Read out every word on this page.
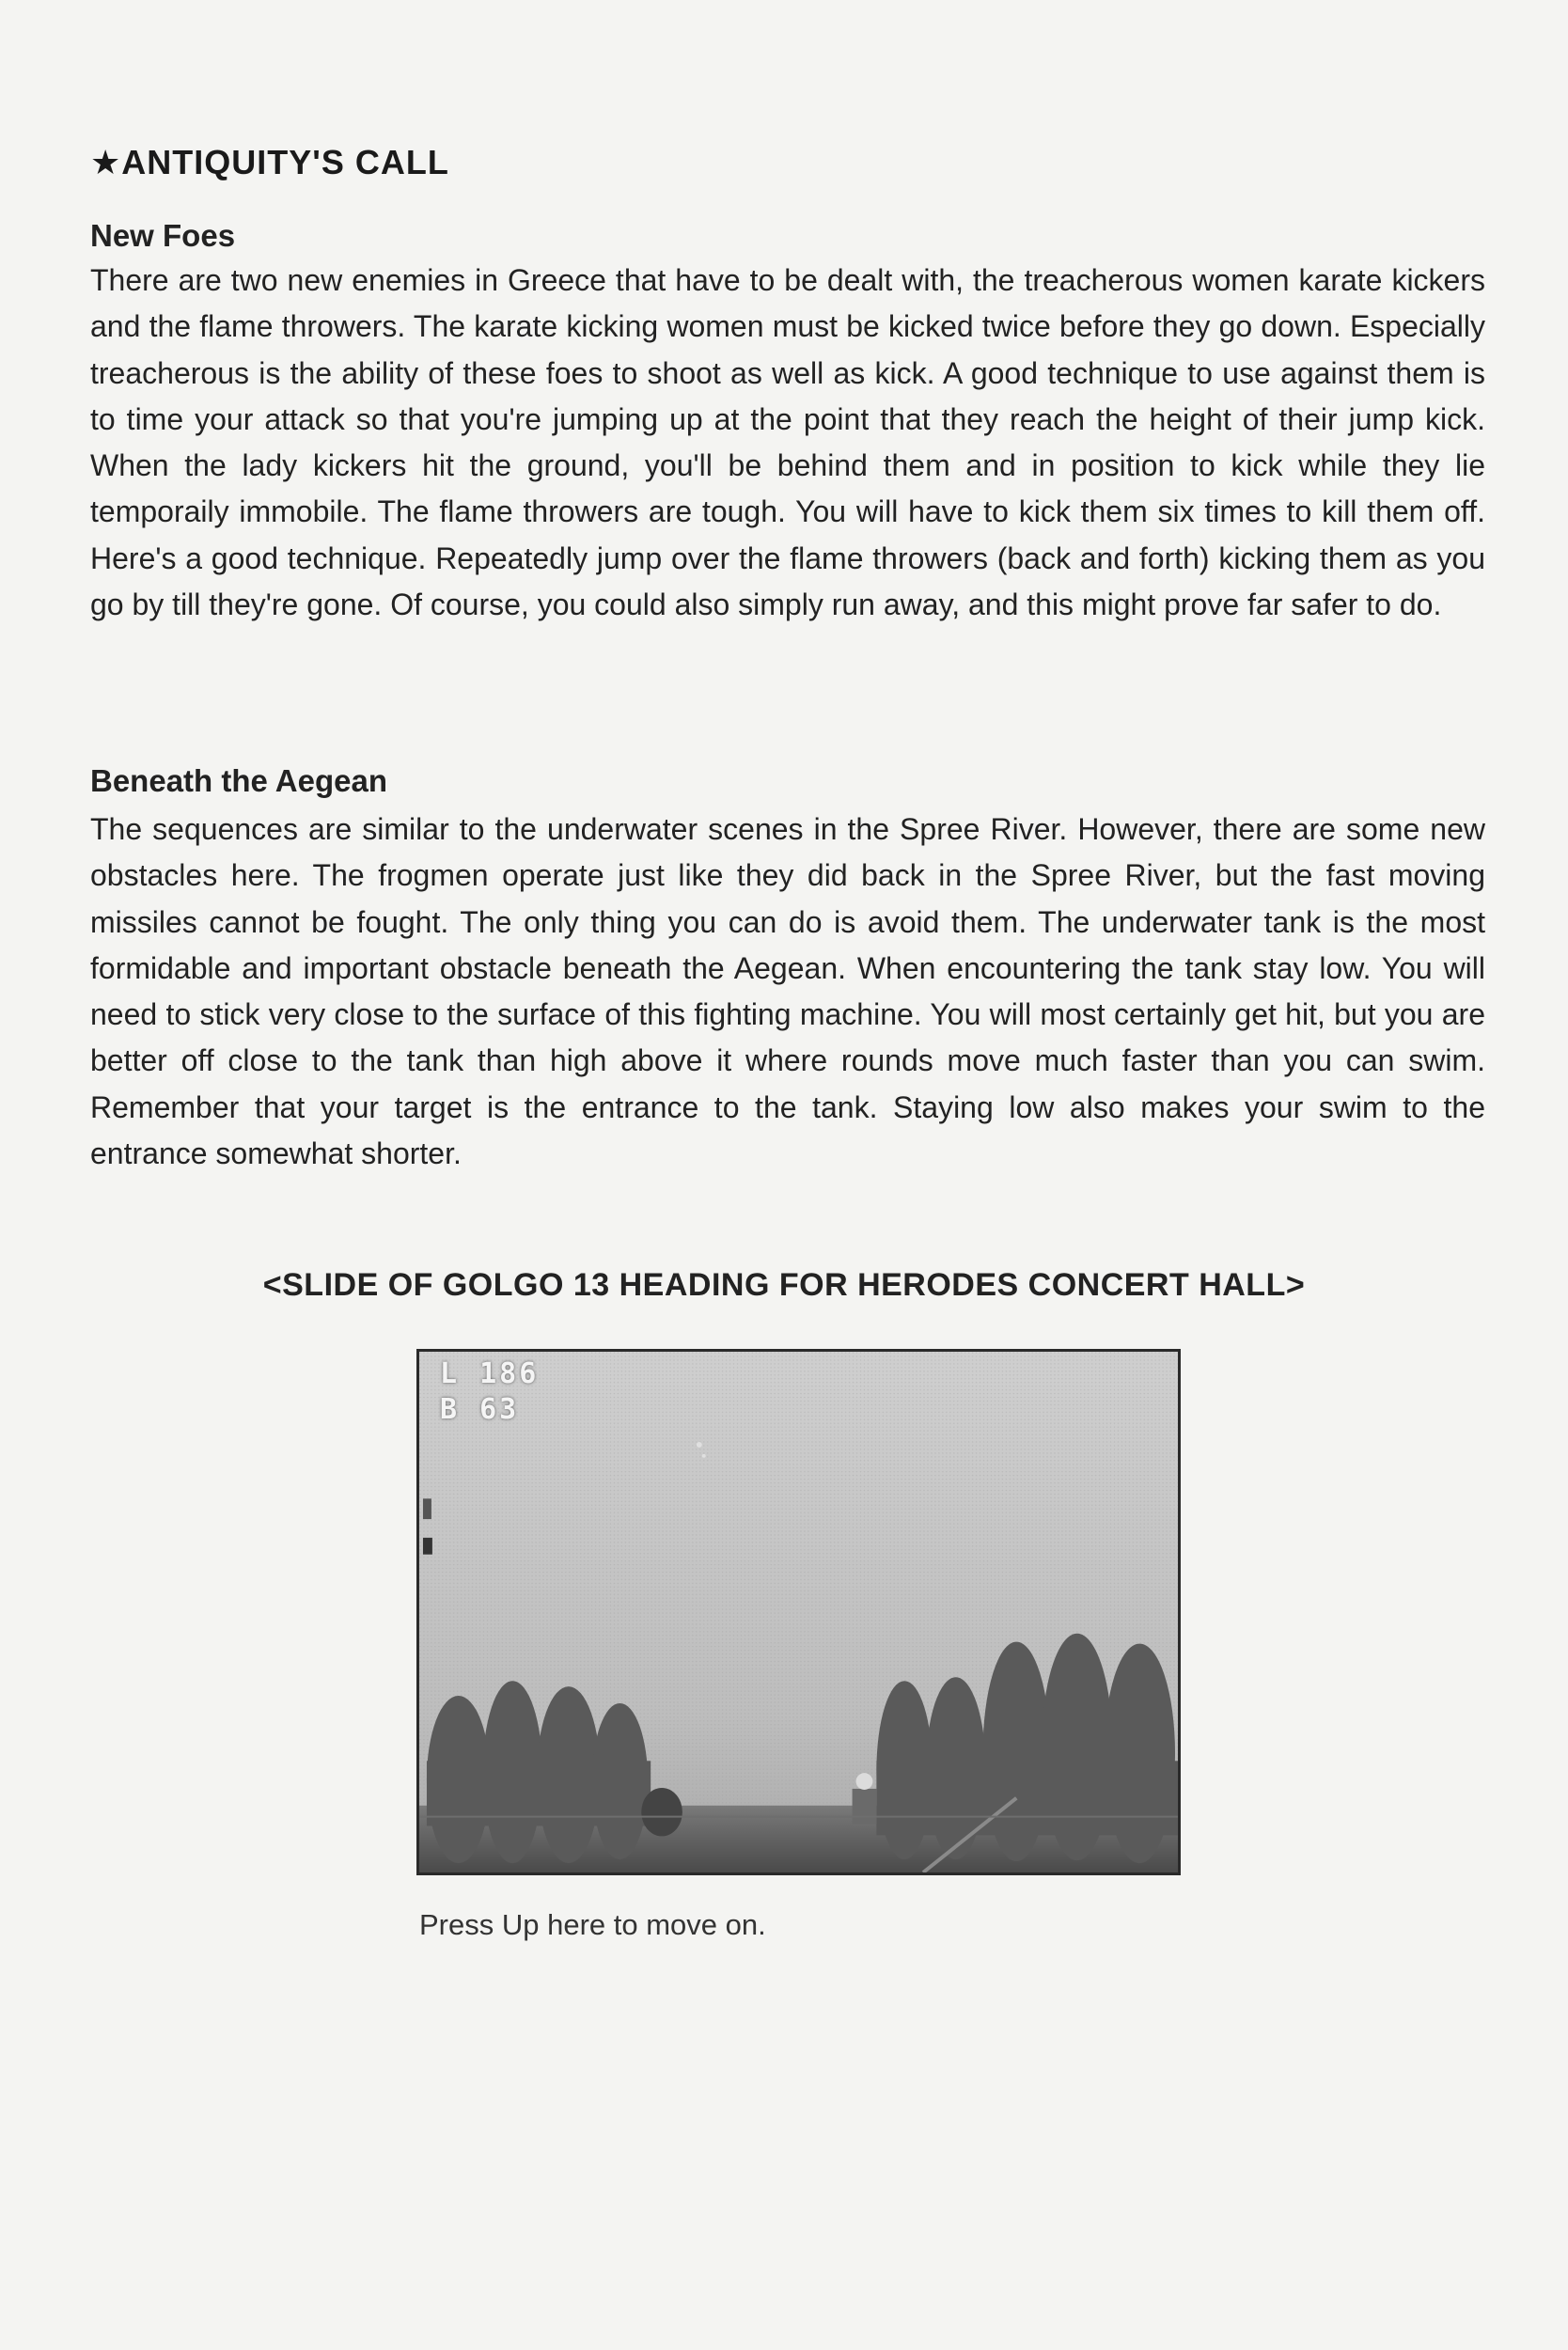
★ANTIQUITY'S CALL
New Foes

There are two new enemies in Greece that have to be dealt with, the treacherous women karate kickers and the flame throwers. The karate kicking women must be kicked twice before they go down. Especially treacherous is the ability of these foes to shoot as well as kick. A good technique to use against them is to time your attack so that you're jumping up at the point that they reach the height of their jump kick. When the lady kickers hit the ground, you'll be behind them and in position to kick while they lie temporaily immobile. The flame throwers are tough. You will have to kick them six times to kill them off. Here's a good technique. Repeatedly jump over the flame throwers (back and forth) kicking them as you go by till they're gone. Of course, you could also simply run away, and this might prove far safer to do.

Beneath the Aegean

The sequences are similar to the underwater scenes in the Spree River. However, there are some new obstacles here. The frogmen operate just like they did back in the Spree River, but the fast moving missiles cannot be fought. The only thing you can do is avoid them. The underwater tank is the most formidable and important obstacle beneath the Aegean. When encountering the tank stay low. You will need to stick very close to the surface of this fighting machine. You will most certainly get hit, but you are better off close to the tank than high above it where rounds move much faster than you can swim. Remember that your target is the entrance to the tank. Staying low also makes your swim to the entrance somewhat shorter.

<SLIDE OF GOLGO 13 HEADING FOR HERODES CONCERT HALL>
L 186
B 63
Press Up here to move on.
